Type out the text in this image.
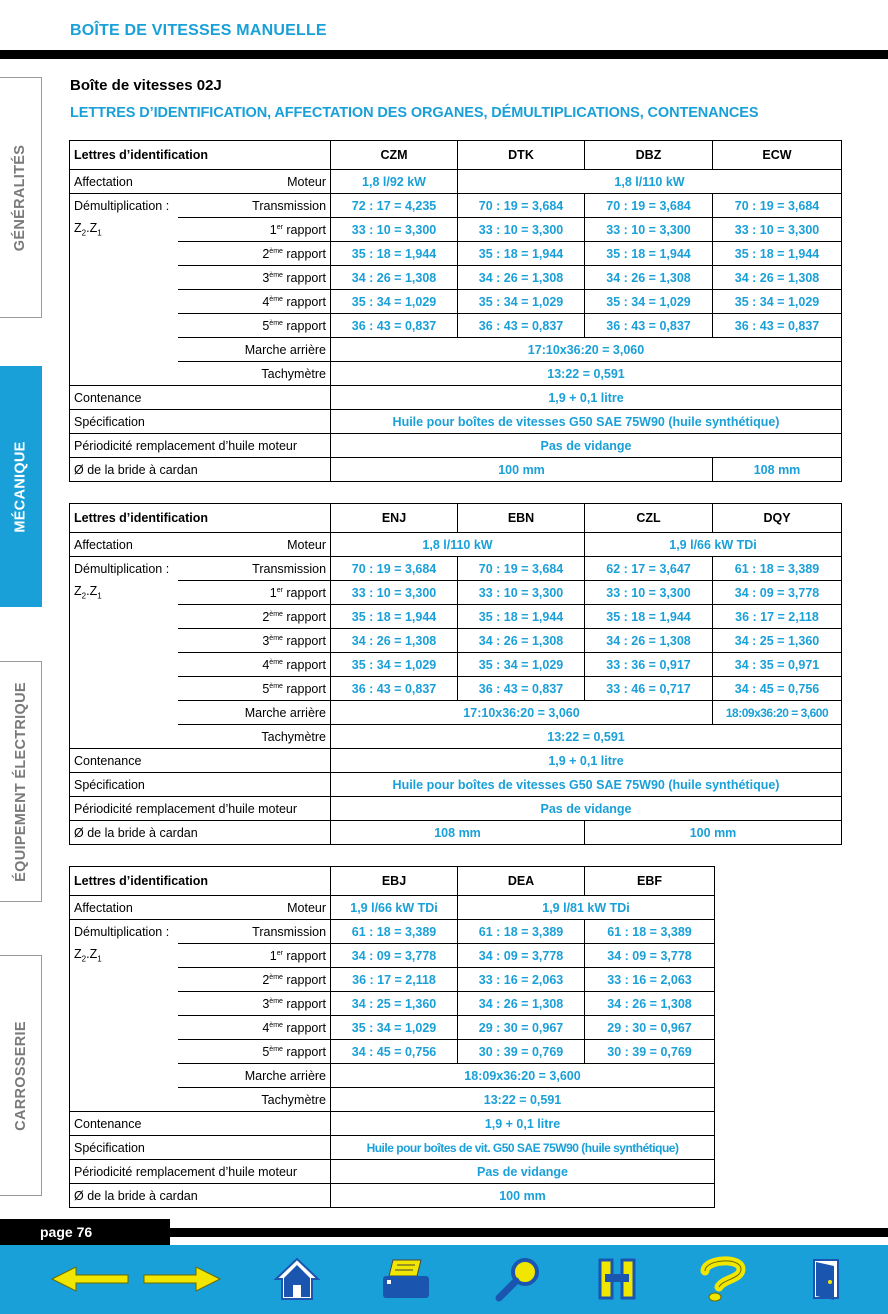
BOÎTE DE VITESSES MANUELLE
Boîte de vitesses 02J
LETTRES D’IDENTIFICATION, AFFECTATION DES ORGANES, DÉMULTIPLICATIONS, CONTENANCES
GÉNÉRALITÉS
MÉCANIQUE
ÉQUIPEMENT ÉLECTRIQUE
CARROSSERIE
Lettres d’identification		CZM	DTK	DBZ	ECW
Affectation	Moteur	1,8 l/92 kW	1,8 l/110 kW		
Démultiplication :	Transmission	72 : 17 = 4,235	70 : 19 = 3,684	70 : 19 = 3,684	70 : 19 = 3,684
$Z_2.Z_1$	1er rapport	33 : 10 = 3,300	33 : 10 = 3,300	33 : 10 = 3,300	33 : 10 = 3,300
	2ème rapport	35 : 18 = 1,944	35 : 18 = 1,944	35 : 18 = 1,944	35 : 18 = 1,944
	3ème rapport	34 : 26 = 1,308	34 : 26 = 1,308	34 : 26 = 1,308	34 : 26 = 1,308
	4ème rapport	35 : 34 = 1,029	35 : 34 = 1,029	35 : 34 = 1,029	35 : 34 = 1,029
	5ème rapport	36 : 43 = 0,837	36 : 43 = 0,837	36 : 43 = 0,837	36 : 43 = 0,837
	Marche arrière	17:10x36:20 = 3,060			
	Tachymètre	13:22 = 0,591			
Contenance		1,9 + 0,1 litre			
Spécification		Huile pour boîtes de vitesses G50 SAE 75W90 (huile synthétique)			
Périodicité remplacement d’huile moteur		Pas de vidange			
Ø de la bride à cardan		100 mm			108 mm
Lettres d’identification		ENJ	EBN	CZL	DQY
Affectation	Moteur	1,8 l/110 kW		1,9 l/66 kW TDi	
Démultiplication :	Transmission	70 : 19 = 3,684	70 : 19 = 3,684	62 : 17 = 3,647	61 : 18 = 3,389
$Z_2.Z_1$	1er rapport	33 : 10 = 3,300	33 : 10 = 3,300	33 : 10 = 3,300	34 : 09 = 3,778
	2ème rapport	35 : 18 = 1,944	35 : 18 = 1,944	35 : 18 = 1,944	36 : 17 = 2,118
	3ème rapport	34 : 26 = 1,308	34 : 26 = 1,308	34 : 26 = 1,308	34 : 25 = 1,360
	4ème rapport	35 : 34 = 1,029	35 : 34 = 1,029	33 : 36 = 0,917	34 : 35 = 0,971
	5ème rapport	36 : 43 = 0,837	36 : 43 = 0,837	33 : 46 = 0,717	34 : 45 = 0,756
	Marche arrière	17:10x36:20 = 3,060			18:09x36:20 = 3,600
	Tachymètre	13:22 = 0,591			
Contenance		1,9 + 0,1 litre			
Spécification		Huile pour boîtes de vitesses G50 SAE 75W90 (huile synthétique)			
Périodicité remplacement d’huile moteur		Pas de vidange			
Ø de la bride à cardan		108 mm		100 mm	
Lettres d’identification		EBJ	DEA	EBF
Affectation	Moteur	1,9 l/66 kW TDi	1,9 l/81 kW TDi	
Démultiplication :	Transmission	61 : 18 = 3,389	61 : 18 = 3,389	61 : 18 = 3,389
$Z_2.Z_1$	1er rapport	34 : 09 = 3,778	34 : 09 = 3,778	34 : 09 = 3,778
	2ème rapport	36 : 17 = 2,118	33 : 16 = 2,063	33 : 16 = 2,063
	3ème rapport	34 : 25 = 1,360	34 : 26 = 1,308	34 : 26 = 1,308
	4ème rapport	35 : 34 = 1,029	29 : 30 = 0,967	29 : 30 = 0,967
	5ème rapport	34 : 45 = 0,756	30 : 39 = 0,769	30 : 39 = 0,769
	Marche arrière	18:09x36:20 = 3,600		
	Tachymètre	13:22 = 0,591		
Contenance		1,9 + 0,1 litre		
Spécification		Huile pour boîtes de vit. G50 SAE 75W90 (huile synthétique)		
Périodicité remplacement d’huile moteur		Pas de vidange		
Ø de la bride à cardan		100 mm		
page 76
